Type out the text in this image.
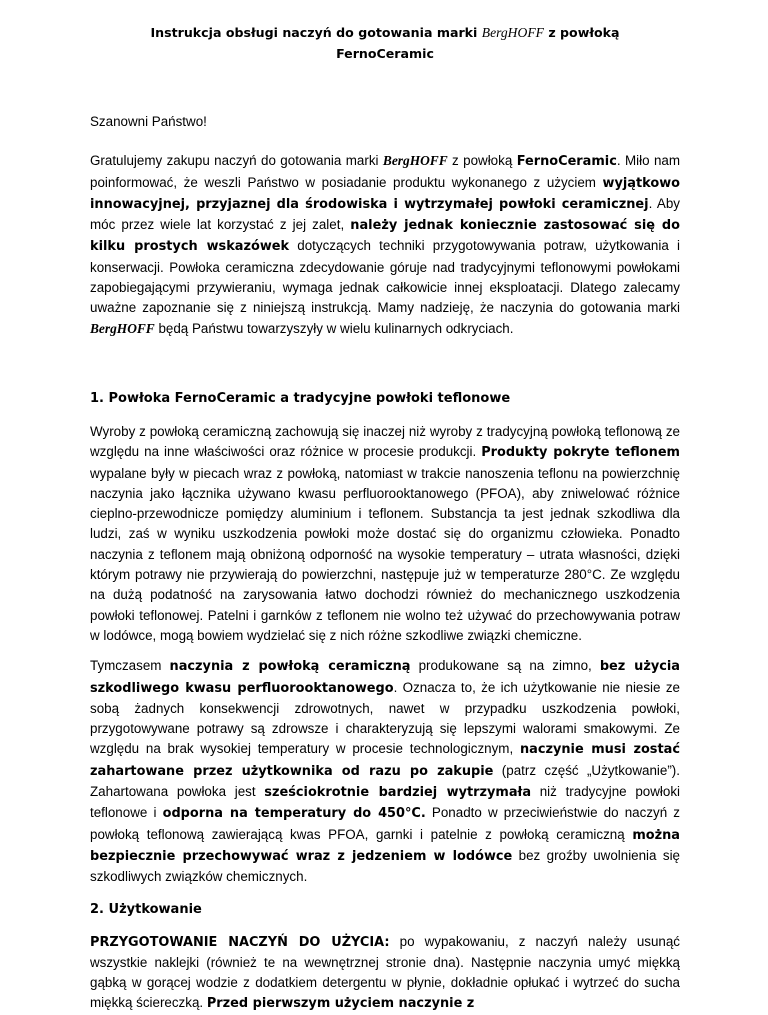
Instrukcja obsługi naczyń do gotowania marki BergHOFF z powłoką
FernoCeramic

Szanowni Państwo!

Gratulujemy zakupu naczyń do gotowania marki BergHOFF z powłoką FernoCeramic. Miło nam poinformować, że weszli Państwo w posiadanie produktu wykonanego z użyciem wyjątkowo innowacyjnej, przyjaznej dla środowiska i wytrzymałej powłoki ceramicznej. Aby móc przez wiele lat korzystać z jej zalet, należy jednak koniecznie zastosować się do kilku prostych wskazówek dotyczących techniki przygotowywania potraw, użytkowania i konserwacji. Powłoka ceramiczna zdecydowanie góruje nad tradycyjnymi teflonowymi powłokami zapobiegającymi przywieraniu, wymaga jednak całkowicie innej eksploatacji. Dlatego zalecamy uważne zapoznanie się z niniejszą instrukcją. Mamy nadzieję, że naczynia do gotowania marki BergHOFF będą Państwu towarzyszyły w wielu kulinarnych odkryciach.

1. Powłoka FernoCeramic a tradycyjne powłoki teflonowe

Wyroby z powłoką ceramiczną zachowują się inaczej niż wyroby z tradycyjną powłoką teflonową ze względu na inne właściwości oraz różnice w procesie produkcji. Produkty pokryte teflonem wypalane były w piecach wraz z powłoką, natomiast w trakcie nanoszenia teflonu na powierzchnię naczynia jako łącznika używano kwasu perfluorooktanowego (PFOA), aby zniwelować różnice cieplno-przewodnicze pomiędzy aluminium i teflonem. Substancja ta jest jednak szkodliwa dla ludzi, zaś w wyniku uszkodzenia powłoki może dostać się do organizmu człowieka. Ponadto naczynia z teflonem mają obniżoną odporność na wysokie temperatury – utrata własności, dzięki którym potrawy nie przywierają do powierzchni, następuje już w temperaturze 280°C. Ze względu na dużą podatność na zarysowania łatwo dochodzi również do mechanicznego uszkodzenia powłoki teflonowej. Patelni i garnków z teflonem nie wolno też używać do przechowywania potraw w lodówce, mogą bowiem wydzielać się z nich różne szkodliwe związki chemiczne.

Tymczasem naczynia z powłoką ceramiczną produkowane są na zimno, bez użycia szkodliwego kwasu perfluorooktanowego. Oznacza to, że ich użytkowanie nie niesie ze sobą żadnych konsekwencji zdrowotnych, nawet w przypadku uszkodzenia powłoki, przygotowywane potrawy są zdrowsze i charakteryzują się lepszymi walorami smakowymi. Ze względu na brak wysokiej temperatury w procesie technologicznym, naczynie musi zostać zahartowane przez użytkownika od razu po zakupie (patrz część „Użytkowanie”). Zahartowana powłoka jest sześciokrotnie bardziej wytrzymała niż tradycyjne powłoki teflonowe i odporna na temperatury do 450°C. Ponadto w przeciwieństwie do naczyń z powłoką teflonową zawierającą kwas PFOA, garnki i patelnie z powłoką ceramiczną można bezpiecznie przechowywać wraz z jedzeniem w lodówce bez groźby uwolnienia się szkodliwych związków chemicznych.

2. Użytkowanie

PRZYGOTOWANIE NACZYŃ DO UŻYCIA: po wypakowaniu, z naczyń należy usunąć wszystkie naklejki (również te na wewnętrznej stronie dna). Następnie naczynia umyć miękką gąbką w gorącej wodzie z dodatkiem detergentu w płynie, dokładnie opłukać i wytrzeć do sucha miękką ściereczką. Przed pierwszym użyciem naczynie z
